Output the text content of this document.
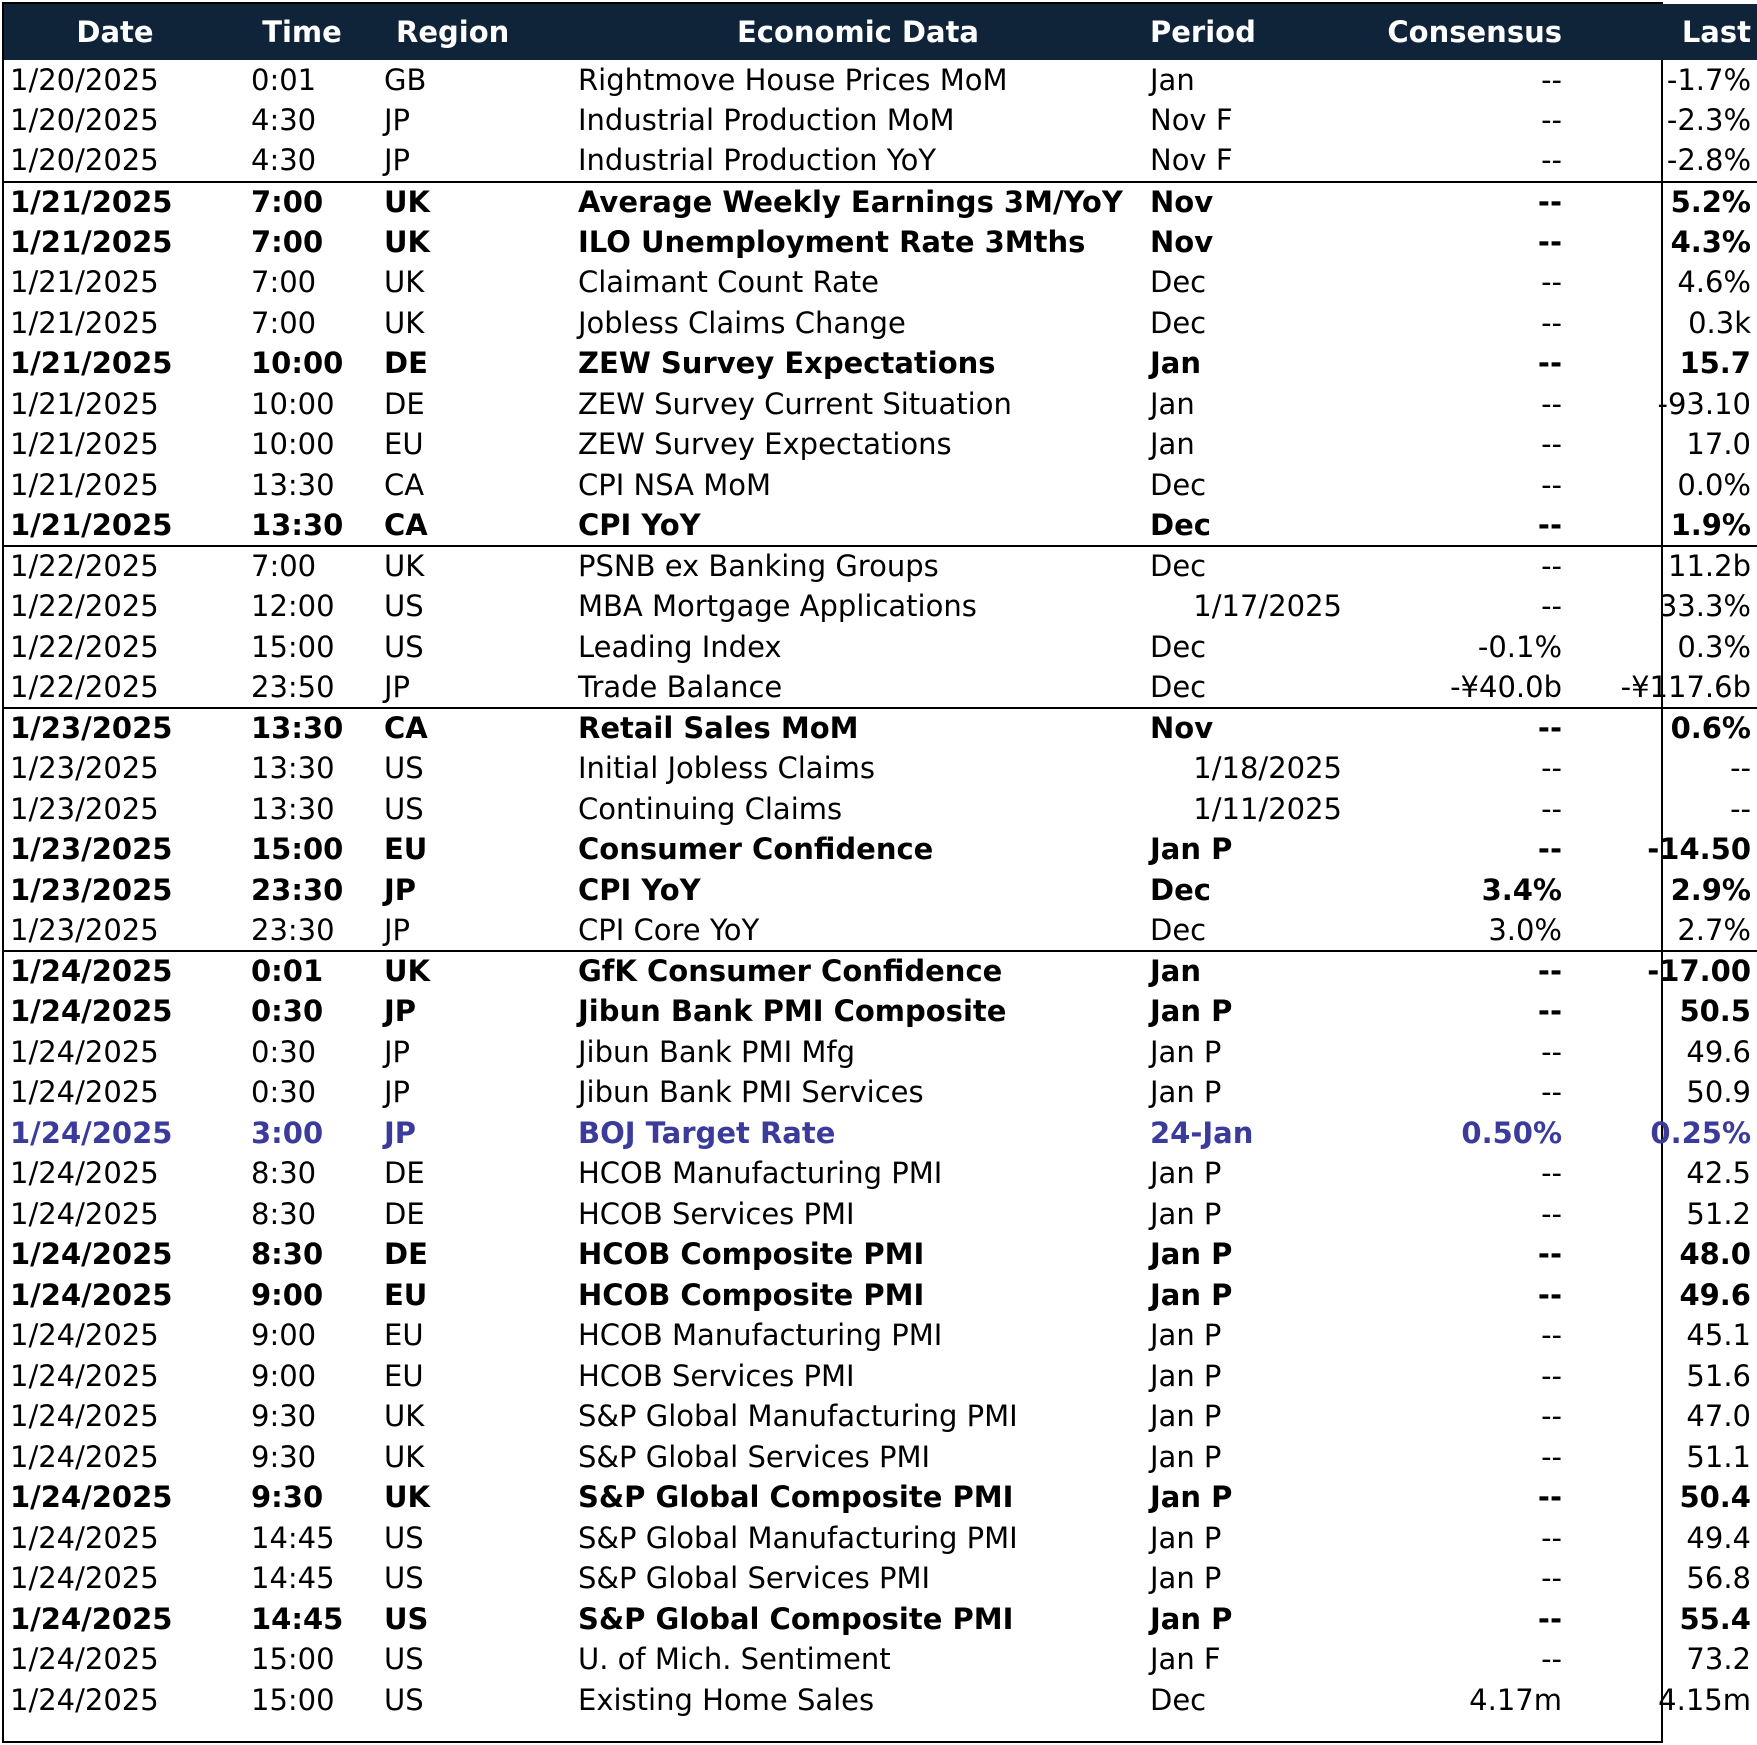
Date	Time	Region	Economic Data	Period	Consensus	Last
1/20/2025	0:01	GB	Rightmove House Prices MoM	Jan	--	-1.7%
1/20/2025	4:30	JP	Industrial Production MoM	Nov F	--	-2.3%
1/20/2025	4:30	JP	Industrial Production YoY	Nov F	--	-2.8%
1/21/2025	7:00	UK	Average Weekly Earnings 3M/YoY	Nov	--	5.2%
1/21/2025	7:00	UK	ILO Unemployment Rate 3Mths	Nov	--	4.3%
1/21/2025	7:00	UK	Claimant Count Rate	Dec	--	4.6%
1/21/2025	7:00	UK	Jobless Claims Change	Dec	--	0.3k
1/21/2025	10:00	DE	ZEW Survey Expectations	Jan	--	15.7
1/21/2025	10:00	DE	ZEW Survey Current Situation	Jan	--	-93.10
1/21/2025	10:00	EU	ZEW Survey Expectations	Jan	--	17.0
1/21/2025	13:30	CA	CPI NSA MoM	Dec	--	0.0%
1/21/2025	13:30	CA	CPI YoY	Dec	--	1.9%
1/22/2025	7:00	UK	PSNB ex Banking Groups	Dec	--	11.2b
1/22/2025	12:00	US	MBA Mortgage Applications	1/17/2025	--	33.3%
1/22/2025	15:00	US	Leading Index	Dec	-0.1%	0.3%
1/22/2025	23:50	JP	Trade Balance	Dec	-¥40.0b	-¥117.6b
1/23/2025	13:30	CA	Retail Sales MoM	Nov	--	0.6%
1/23/2025	13:30	US	Initial Jobless Claims	1/18/2025	--	--
1/23/2025	13:30	US	Continuing Claims	1/11/2025	--	--
1/23/2025	15:00	EU	Consumer Confidence	Jan P	--	-14.50
1/23/2025	23:30	JP	CPI YoY	Dec	3.4%	2.9%
1/23/2025	23:30	JP	CPI Core YoY	Dec	3.0%	2.7%
1/24/2025	0:01	UK	GfK Consumer Confidence	Jan	--	-17.00
1/24/2025	0:30	JP	Jibun Bank PMI Composite	Jan P	--	50.5
1/24/2025	0:30	JP	Jibun Bank PMI Mfg	Jan P	--	49.6
1/24/2025	0:30	JP	Jibun Bank PMI Services	Jan P	--	50.9
1/24/2025	3:00	JP	BOJ Target Rate	24-Jan	0.50%	0.25%
1/24/2025	8:30	DE	HCOB Manufacturing PMI	Jan P	--	42.5
1/24/2025	8:30	DE	HCOB Services PMI	Jan P	--	51.2
1/24/2025	8:30	DE	HCOB Composite PMI	Jan P	--	48.0
1/24/2025	9:00	EU	HCOB Composite PMI	Jan P	--	49.6
1/24/2025	9:00	EU	HCOB Manufacturing PMI	Jan P	--	45.1
1/24/2025	9:00	EU	HCOB Services PMI	Jan P	--	51.6
1/24/2025	9:30	UK	S&P Global Manufacturing PMI	Jan P	--	47.0
1/24/2025	9:30	UK	S&P Global Services PMI	Jan P	--	51.1
1/24/2025	9:30	UK	S&P Global Composite PMI	Jan P	--	50.4
1/24/2025	14:45	US	S&P Global Manufacturing PMI	Jan P	--	49.4
1/24/2025	14:45	US	S&P Global Services PMI	Jan P	--	56.8
1/24/2025	14:45	US	S&P Global Composite PMI	Jan P	--	55.4
1/24/2025	15:00	US	U. of Mich. Sentiment	Jan F	--	73.2
1/24/2025	15:00	US	Existing Home Sales	Dec	4.17m	4.15m
